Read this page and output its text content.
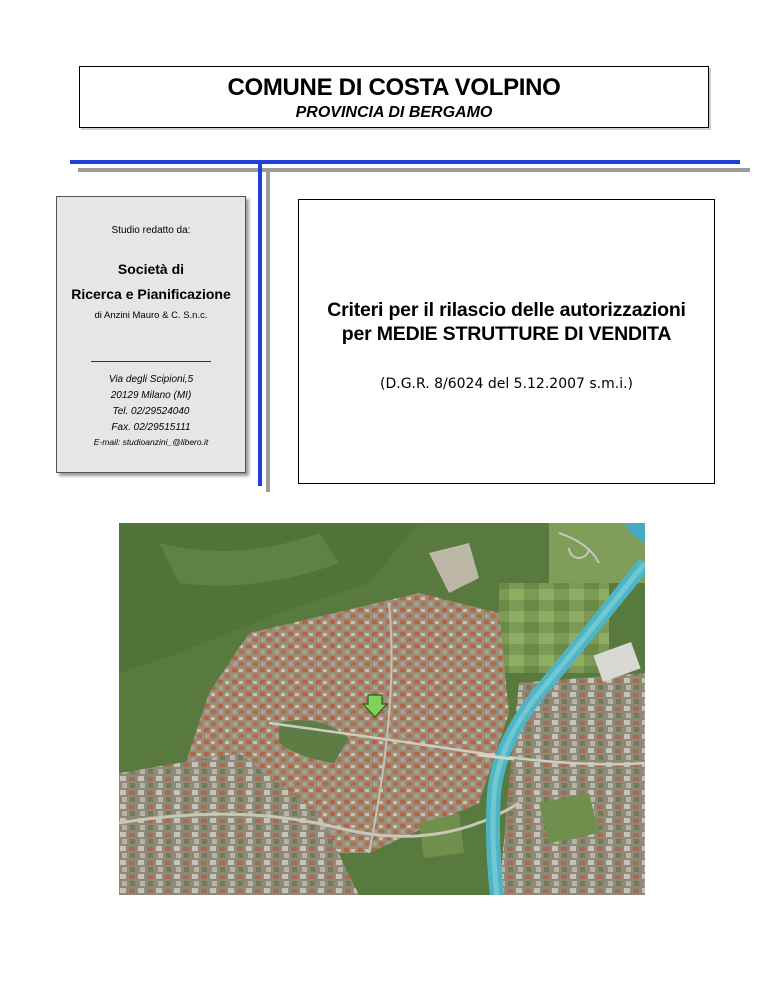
COMUNE DI COSTA VOLPINO
PROVINCIA DI BERGAMO
Studio redatto da:
Società di
Ricerca e Pianificazione
di Anzini Mauro & C. S.n.c.
Via degli Scipioni,5
20129 Milano (MI)
Tel. 02/29524040
Fax. 02/29515111
E-mail: studioanzini_@libero.it
Criteri per il rilascio delle autorizzazioni
per MEDIE STRUTTURE DI VENDITA
(D.G.R. 8/6024 del 5.12.2007 s.m.i.)
